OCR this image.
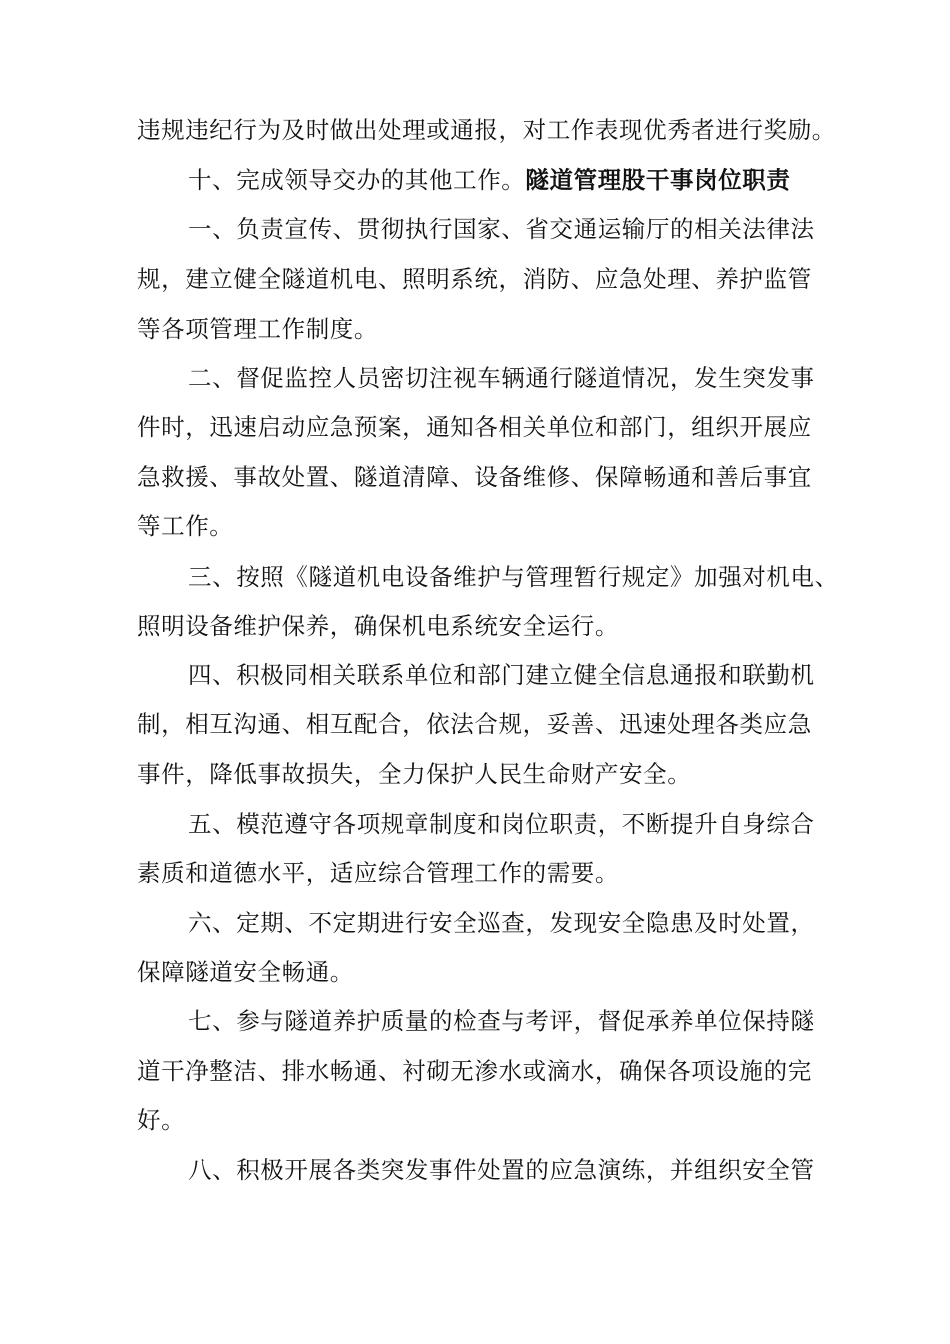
违规违纪行为及时做出处理或通报，对工作表现优秀者进行奖励。
十、完成领导交办的其他工作。隧道管理股干事岗位职责
一、负责宣传、贯彻执行国家、省交通运输厅的相关法律法
规，建立健全隧道机电、照明系统，消防、应急处理、养护监管
等各项管理工作制度。
二、督促监控人员密切注视车辆通行隧道情况，发生突发事
件时，迅速启动应急预案，通知各相关单位和部门，组织开展应
急救援、事故处置、隧道清障、设备维修、保障畅通和善后事宜
等工作。
三、按照《隧道机电设备维护与管理暂行规定》加强对机电、
照明设备维护保养，确保机电系统安全运行。
四、积极同相关联系单位和部门建立健全信息通报和联勤机
制，相互沟通、相互配合，依法合规，妥善、迅速处理各类应急
事件，降低事故损失，全力保护人民生命财产安全。
五、模范遵守各项规章制度和岗位职责，不断提升自身综合
素质和道德水平，适应综合管理工作的需要。
六、定期、不定期进行安全巡查，发现安全隐患及时处置，
保障隧道安全畅通。
七、参与隧道养护质量的检查与考评，督促承养单位保持隧
道干净整洁、排水畅通、衬砌无渗水或滴水，确保各项设施的完
好。
八、积极开展各类突发事件处置的应急演练，并组织安全管
